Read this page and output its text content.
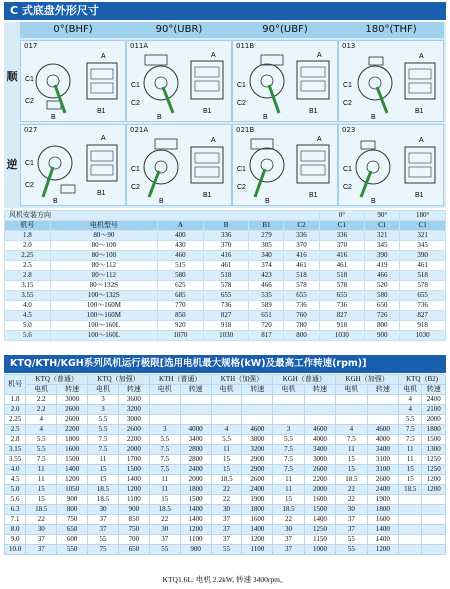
C 式底盘外形尺寸
0°(BHF)	90°(UBR)	90°(UBF)	180°(THF)
顺
逆
017
A
B
B1
C1
C2
011A
A
B
B1
C1
C2
011B
A
B
B1
C1
C2
013
A
B
B1
C1
C2
027
A
B
B1
C1
C2
021A
A
B
B1
C1
C2
021B
A
B
B1
C1
C2
023
A
B
B1
C1
C2
风机安装方向						0°	90°	180°
机号	电机型号	A	B	B1	C2	C1	C1	C1
1.8	80～90	400	336	279	336	336	321	321
2.0	80～100	430	370	305	370	370	345	345
2.25	80～100	460	416	340	416	416	390	390
2.5	80～112	515	461	374	461	461	419	461
2.8	80～112	580	518	423	518	518	466	518
3.15	80～132S	625	578	466	578	578	520	578
3.55	100～132S	685	655	535	655	655	580	655
4.0	100～160M	770	736	589	736	736	650	736
4.5	100～160M	850	827	651	760	827	726	827
5.0	100～160L	920	918	720	780	918	800	918
5.6	100～160L	1070	1030	817	800	1030	900	1030
KTQ/KTH/KGH系列风机运行极限[选用电机最大规格(kW)及最高工作转速(rpm)]
机号	KTQ（普通）		KTQ（加强）		KTH（普通）		KTH（加强）		KGH（普通）		KGH（加强）		KTQ（B2)	
	电机	转速	电机	转速	电机	转速	电机	转速	电机	转速	电机	转速	电机	转速
1.8	2.2	3000	3	3600									4	2400
2.0	2.2	2600	3	3200									4	2100
2.25	4	2600	5.5	3000									5.5	2000
2.5	4	2200	5.5	2600	3	4000	4	4600	3	4600	4	4600	7.5	1800
2.8	5.5	1800	7.5	2200	5.5	3400	5.5	3800	5.5	4000	7.5	4000	7.5	1500
3.15	5.5	1600	7.5	2000	7.5	2800	11	3200	7.5	3400	11	3400	11	1300
3.55	7.5	1500	11	1700	7.5	2800	15	2900	7.5	3000	15	3100	11	1250
4.0	11	1400	15	1500	7.5	2400	15	2900	7.5	2600	15	3100	15	1250
4.5	11	1200	15	1400	11	2000	18.5	2600	11	2200	18.5	2600	15	1200
5.0	15	1050	18.5	1200	11	1800	22	2400	11	2000	22	2400	18.5	1200
5.6	15	900	18.5	1100	15	1500	22	1900	15	1600	22	1900		
6.3	18.5	800	30	900	18.5	1400	30	1800	18.5	1500	30	1800		
7.1	22	750	37	850	22	1400	37	1600	22	1400	37	1600		
8.0	30	650	37	750	30	1200	37	1400	30	1250	37	1400		
9.0	37	600	55	700	37	1100	37	1200	37	1150	55	1400		
10.0	37	550	75	650	55	900	55	1100	37	1000	55	1200		
KTQ1.6L: 电机 2.2kW, 转速 3400rpm。
